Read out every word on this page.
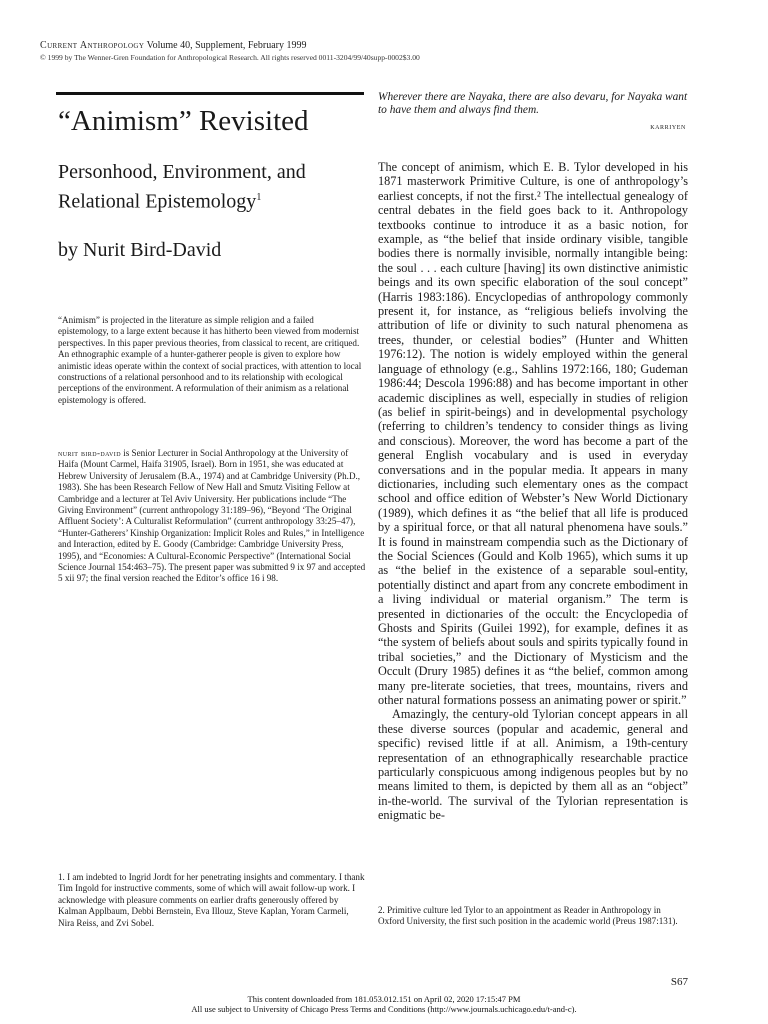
Current Anthropology Volume 40, Supplement, February 1999
© 1999 by The Wenner-Gren Foundation for Anthropological Research. All rights reserved 0011-3204/99/40supp-0002$3.00
“Animism” Revisited
Personhood, Environment, and Relational Epistemology$^1$
by Nurit Bird-David
“Animism” is projected in the literature as simple religion and a failed epistemology, to a large extent because it has hitherto been viewed from modernist perspectives. In this paper previous theories, from classical to recent, are critiqued. An ethnographic example of a hunter-gatherer people is given to explore how animistic ideas operate within the context of social practices, with attention to local constructions of a relational personhood and to its relationship with ecological perceptions of the environment. A reformulation of their animism as a relational epistemology is offered.

nurit bird-david is Senior Lecturer in Social Anthropology at the University of Haifa (Mount Carmel, Haifa 31905, Israel). Born in 1951, she was educated at Hebrew University of Jerusalem (B.A., 1974) and at Cambridge University (Ph.D., 1983). She has been Research Fellow of New Hall and Smutz Visiting Fellow at Cambridge and a lecturer at Tel Aviv University. Her publications include “The Giving Environment” (current anthropology 31:189–96), “Beyond ‘The Original Affluent Society’: A Culturalist Reformulation” (current anthropology 33:25–47), “Hunter-Gatherers’ Kinship Organization: Implicit Roles and Rules,” in Intelligence and Interaction, edited by E. Goody (Cambridge: Cambridge University Press, 1995), and “Economies: A Cultural-Economic Perspective” (International Social Science Journal 154:463–75). The present paper was submitted 9 ix 97 and accepted 5 xii 97; the final version reached the Editor’s office 16 i 98.

1. I am indebted to Ingrid Jordt for her penetrating insights and commentary. I thank Tim Ingold for instructive comments, some of which will await follow-up work. I acknowledge with pleasure comments on earlier drafts generously offered by Kalman Applbaum, Debbi Bernstein, Eva Illouz, Steve Kaplan, Yoram Carmeli, Nira Reiss, and Zvi Sobel.
Wherever there are Nayaka, there are also devaru, for Nayaka want to have them and always find them.
karriyen

The concept of animism, which E. B. Tylor developed in his 1871 masterwork Primitive Culture, is one of anthropology’s earliest concepts, if not the first.² The intellectual genealogy of central debates in the field goes back to it. Anthropology textbooks continue to introduce it as a basic notion, for example, as “the belief that inside ordinary visible, tangible bodies there is normally invisible, normally intangible being: the soul . . . each culture [having] its own distinctive animistic beings and its own specific elaboration of the soul concept” (Harris 1983:186). Encyclopedias of anthropology commonly present it, for instance, as “religious beliefs involving the attribution of life or divinity to such natural phenomena as trees, thunder, or celestial bodies” (Hunter and Whitten 1976:12). The notion is widely employed within the general language of ethnology (e.g., Sahlins 1972:166, 180; Gudeman 1986:44; Descola 1996:88) and has become important in other academic disciplines as well, especially in studies of religion (as belief in spirit-beings) and in developmental psychology (referring to children’s tendency to consider things as living and conscious). Moreover, the word has become a part of the general English vocabulary and is used in everyday conversations and in the popular media. It appears in many dictionaries, including such elementary ones as the compact school and office edition of Webster’s New World Dictionary (1989), which defines it as “the belief that all life is produced by a spiritual force, or that all natural phenomena have souls.” It is found in mainstream compendia such as the Dictionary of the Social Sciences (Gould and Kolb 1965), which sums it up as “the belief in the existence of a separable soul-entity, potentially distinct and apart from any concrete embodiment in a living individual or material organism.” The term is presented in dictionaries of the occult: the Encyclopedia of Ghosts and Spirits (Guilei 1992), for example, defines it as “the system of beliefs about souls and spirits typically found in tribal societies,” and the Dictionary of Mysticism and the Occult (Drury 1985) defines it as “the belief, common among many pre-literate societies, that trees, mountains, rivers and other natural formations possess an animating power or spirit.”

Amazingly, the century-old Tylorian concept appears in all these diverse sources (popular and academic, general and specific) revised little if at all. Animism, a 19th-century representation of an ethnographically researchable practice particularly conspicuous among indigenous peoples but by no means limited to them, is depicted by them all as an “object” in-the-world. The survival of the Tylorian representation is enigmatic be-

2. Primitive culture led Tylor to an appointment as Reader in Anthropology in Oxford University, the first such position in the academic world (Preus 1987:131).
S67
This content downloaded from 181.053.012.151 on April 02, 2020 17:15:47 PM
All use subject to University of Chicago Press Terms and Conditions (http://www.journals.uchicago.edu/t-and-c).
